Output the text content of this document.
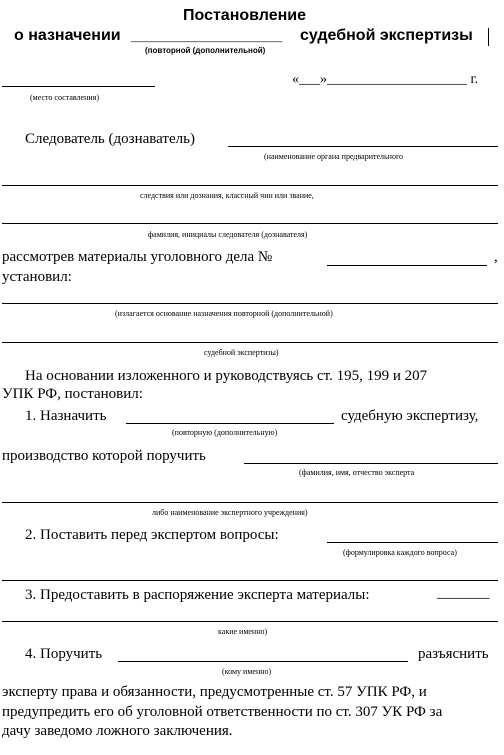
Постановление
о назначении _________________ судебной экспертизы
(повторной (дополнительной)
(место составления)
«___»____________________ г.
Следователь (дознаватель)
(наименование органа предварительного
следствия или дознания, классный чин или звание,
фамилия, инициалы следователя (дознавателя)
рассмотрев материалы уголовного дела №	,
установил:
(излагается основание назначения повторной (дополнительной)
судебной экспертизы)
На основании изложенного и руководствуясь ст. 195, 199 и 207
УПК РФ, постановил:
1. Назначить	судебную экспертизу,
(повторную (дополнительную)
производство которой поручить
(фамилия, имя, отчество эксперта
либо наименование экспертного учреждения)
2. Поставить перед экспертом вопросы:
(формулировка каждого вопроса)
3. Предоставить в распоряжение эксперта материалы:	_______
какие именно)
4. Поручить	разъяснить
(кому именно)
эксперту права и обязанности, предусмотренные ст. 57 УПК РФ, и
предупредить его об уголовной ответственности по ст. 307 УК РФ за
дачу заведомо ложного заключения.
